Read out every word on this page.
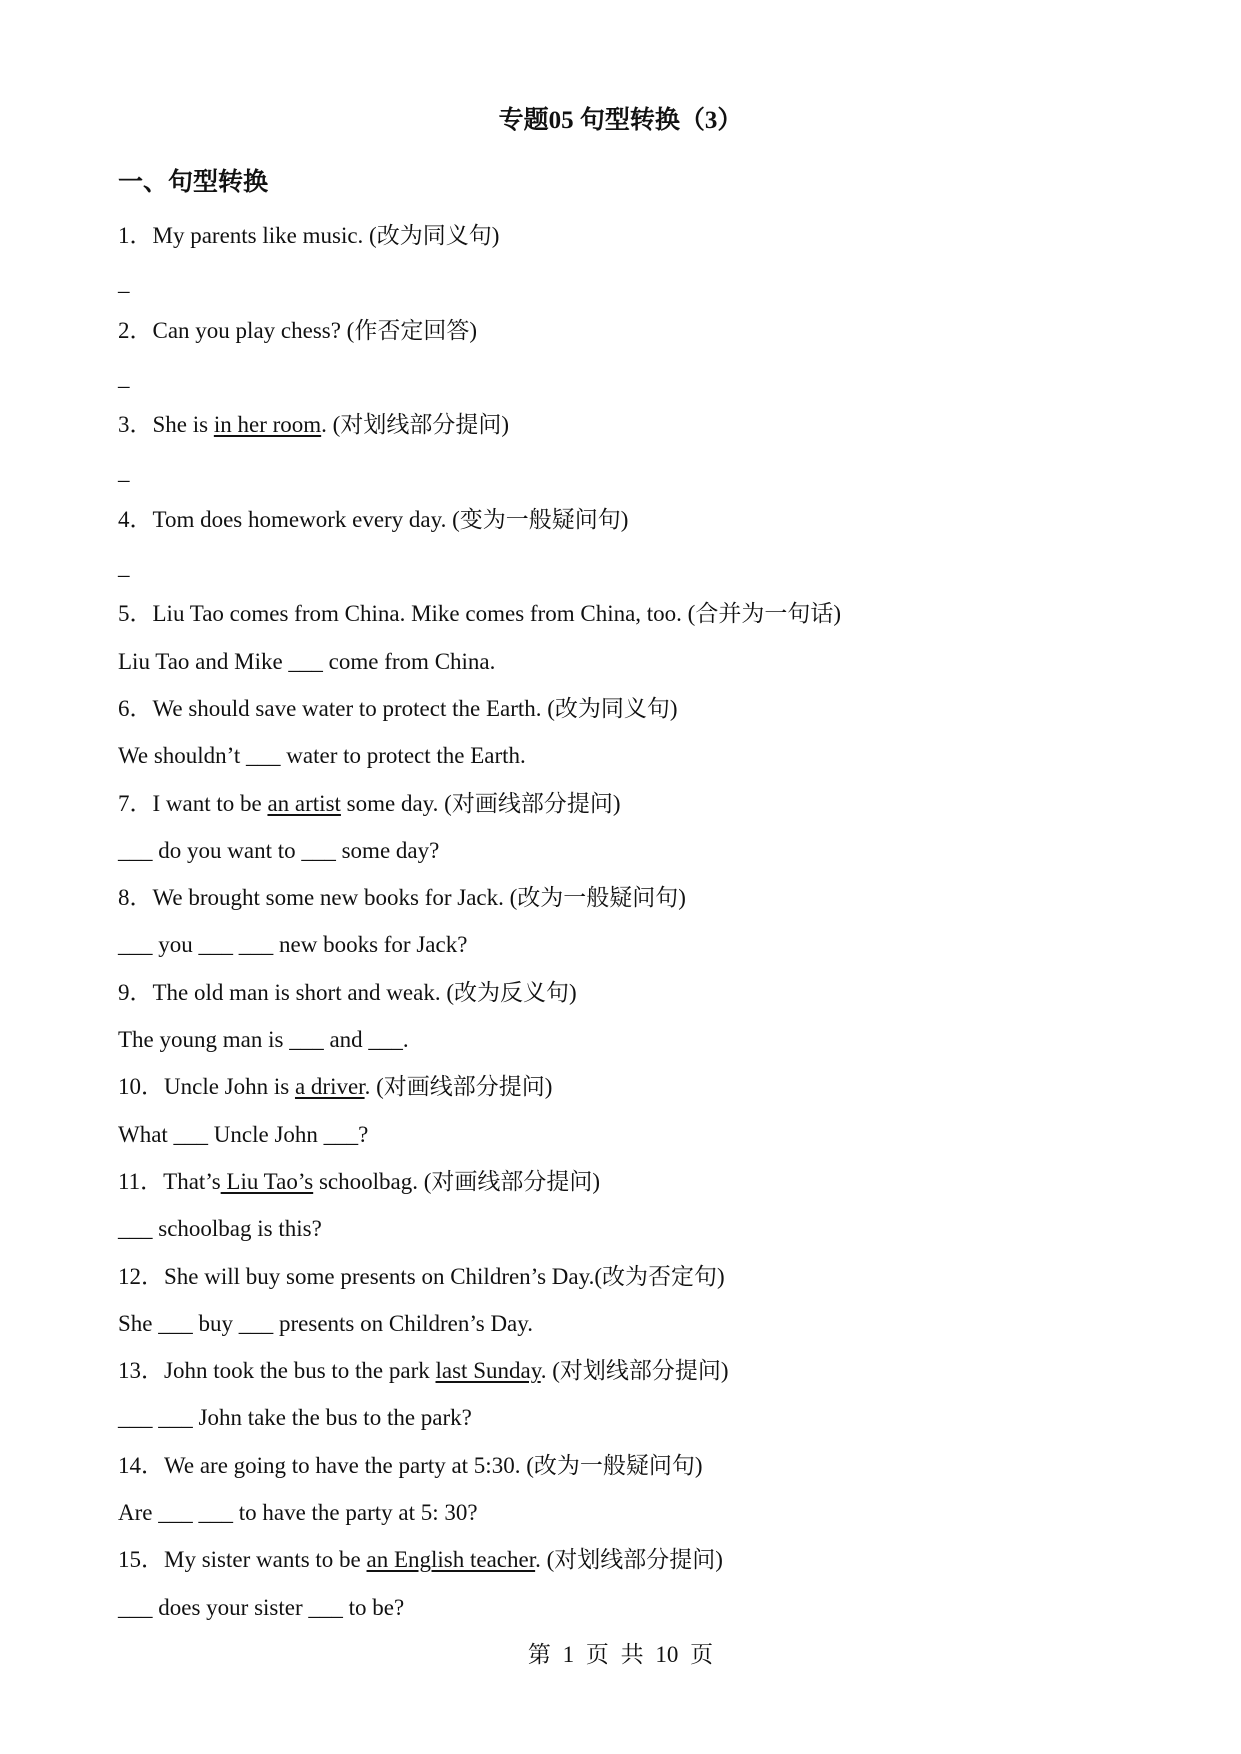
专题05 句型转换（3）
一、句型转换
1．My parents like music. (改为同义句)
_
2．Can you play chess? (作否定回答)
_
3．She is in her room. (对划线部分提问)
_
4．Tom does homework every day. (变为一般疑问句)
_
5．Liu Tao comes from China. Mike comes from China, too. (合并为一句话)
Liu Tao and Mike ___ come from China.
6．We should save water to protect the Earth. (改为同义句)
We shouldn’t ___ water to protect the Earth.
7．I want to be an artist some day. (对画线部分提问)
___ do you want to ___ some day?
8．We brought some new books for Jack. (改为一般疑问句)
___ you ___ ___ new books for Jack?
9．The old man is short and weak. (改为反义句)
The young man is ___ and ___.
10．Uncle John is a driver. (对画线部分提问)
What ___ Uncle John ___?
11．That’s Liu Tao’s schoolbag. (对画线部分提问)
___ schoolbag is this?
12．She will buy some presents on Children’s Day.(改为否定句)
She ___ buy ___ presents on Children’s Day.
13．John took the bus to the park last Sunday. (对划线部分提问)
___ ___ John take the bus to the park?
14．We are going to have the party at 5:30. (改为一般疑问句)
Are ___ ___ to have the party at 5: 30?
15．My sister wants to be an English teacher. (对划线部分提问)
___ does your sister ___ to be?
第 1 页 共 10 页
